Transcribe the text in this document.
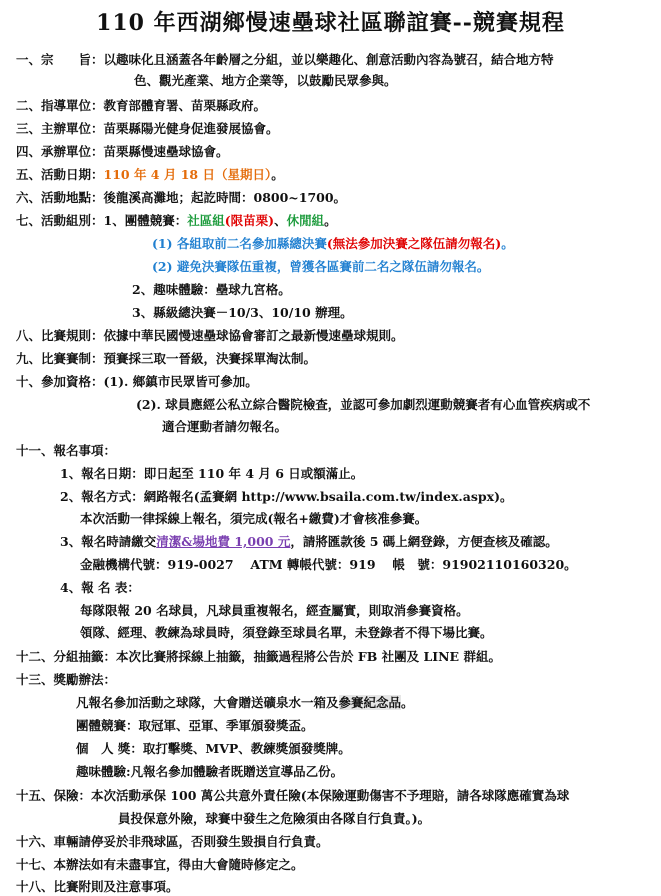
110 年西湖鄉慢速壘球社區聯誼賽--競賽規程
一、宗　　旨：以趣味化且涵蓋各年齡層之分組，並以樂趣化、創意活動內容為號召，結合地方特
色、觀光產業、地方企業等，以鼓勵民眾參與。
二、指導單位：教育部體育署、苗栗縣政府。
三、主辦單位：苗栗縣陽光健身促進發展協會。
四、承辦單位：苗栗縣慢速壘球協會。
五、活動日期：110 年 4 月 18 日（星期日）。
六、活動地點：後龍溪高灘地；起訖時間：0800~1700。
七、活動組別：1、團體競賽：社區組(限苗栗)、休閒組。
(1) 各組取前二名參加縣總決賽(無法參加決賽之隊伍請勿報名)。
(2) 避免決賽隊伍重複，曾獲各區賽前二名之隊伍請勿報名。
2、趣味體驗：壘球九宮格。
3、縣級總決賽－10/3、10/10 辦理。
八、比賽規則：依據中華民國慢速壘球協會審訂之最新慢速壘球規則。
九、比賽賽制：預賽採三取一晉級，決賽採單淘汰制。
十、參加資格：(1). 鄉鎮市民眾皆可參加。
(2). 球員應經公私立綜合醫院檢查，並認可參加劇烈運動競賽者有心血管疾病或不
適合運動者請勿報名。
十一、報名事項：
1、報名日期：即日起至 110 年 4 月 6 日或額滿止。
2、報名方式：網路報名(孟賽網 http://www.bsaila.com.tw/index.aspx)。
本次活動一律採線上報名，須完成(報名+繳費)才會核准參賽。
3、報名時請繳交清潔&場地費 1,000 元，請將匯款後 5 碼上網登錄，方便查核及確認。
金融機構代號：919-0027　 ATM 轉帳代號：919　 帳　號：91902110160320。
4、報 名 表：
每隊限報 20 名球員，凡球員重複報名，經查屬實，則取消參賽資格。
領隊、經理、教練為球員時，須登錄至球員名單，未登錄者不得下場比賽。
十二、分組抽籤：本次比賽將採線上抽籤，抽籤過程將公告於 FB 社團及 LINE 群組。
十三、獎勵辦法：
凡報名參加活動之球隊，大會贈送礦泉水一箱及參賽紀念品。
團體競賽：取冠軍、亞軍、季軍頒發獎盃。
個　人 獎：取打擊獎、MVP、教練獎頒發獎牌。
趣味體驗:凡報名參加體驗者既贈送宣導品乙份。
十五、保險：本次活動承保 100 萬公共意外責任險(本保險運動傷害不予理賠，請各球隊應確實為球
員投保意外險，球賽中發生之危險須由各隊自行負責。)。
十六、車輛請停妥於非飛球區，否則發生毀損自行負責。
十七、本辦法如有未盡事宜，得由大會隨時修定之。
十八、比賽附則及注意事項。
